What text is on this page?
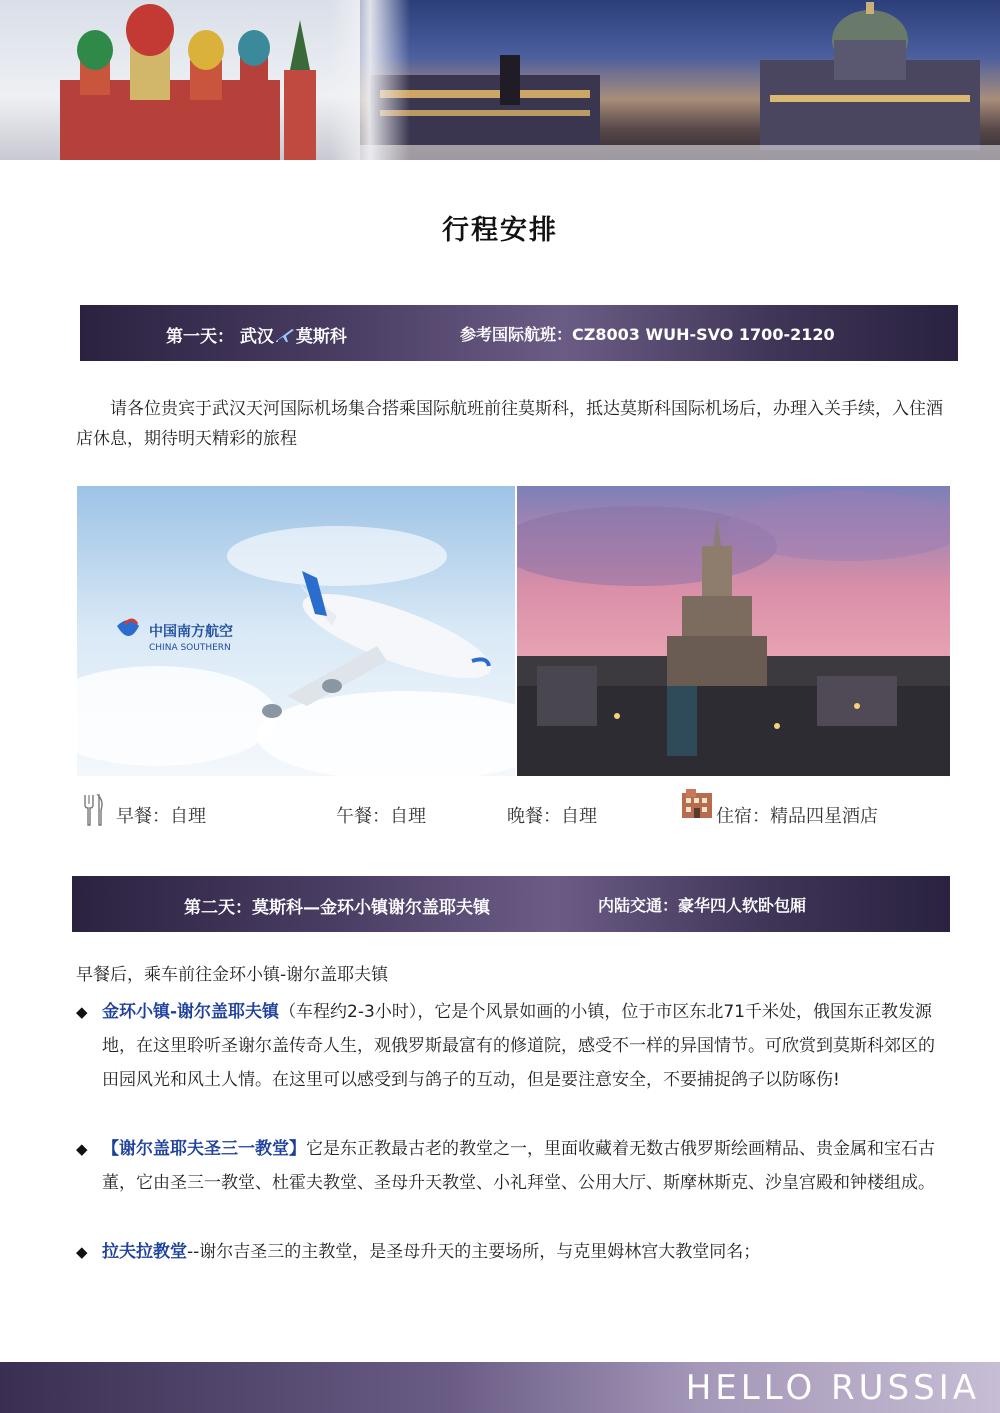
行程安排
第一天： 武汉 莫斯科	参考国际航班：CZ8003 WUH-SVO 1700-2120
请各位贵宾于武汉天河国际机场集合搭乘国际航班前往莫斯科，抵达莫斯科国际机场后，办理入关手续，入住酒店休息，期待明天精彩的旅程
中国南方航空
CHINA SOUTHERN
早餐：自理	午餐：自理	晚餐：自理	住宿：精品四星酒店
第二天：莫斯科—金环小镇谢尔盖耶夫镇	内陆交通：豪华四人软卧包厢
早餐后，乘车前往金环小镇-谢尔盖耶夫镇
◆ 金环小镇-谢尔盖耶夫镇（车程约2-3小时），它是个风景如画的小镇，位于市区东北71千米处，俄国东正教发源地，在这里聆听圣谢尔盖传奇人生，观俄罗斯最富有的修道院，感受不一样的异国情节。可欣赏到莫斯科郊区的田园风光和风土人情。在这里可以感受到与鸽子的互动，但是要注意安全，不要捕捉鸽子以防啄伤!
◆ 【谢尔盖耶夫圣三一教堂】它是东正教最古老的教堂之一，里面收藏着无数古俄罗斯绘画精品、贵金属和宝石古董，它由圣三一教堂、杜霍夫教堂、圣母升天教堂、小礼拜堂、公用大厅、斯摩林斯克、沙皇宫殿和钟楼组成。
◆ 拉夫拉教堂--谢尔吉圣三的主教堂，是圣母升天的主要场所，与克里姆林宫大教堂同名；
HELLO RUSSIA
